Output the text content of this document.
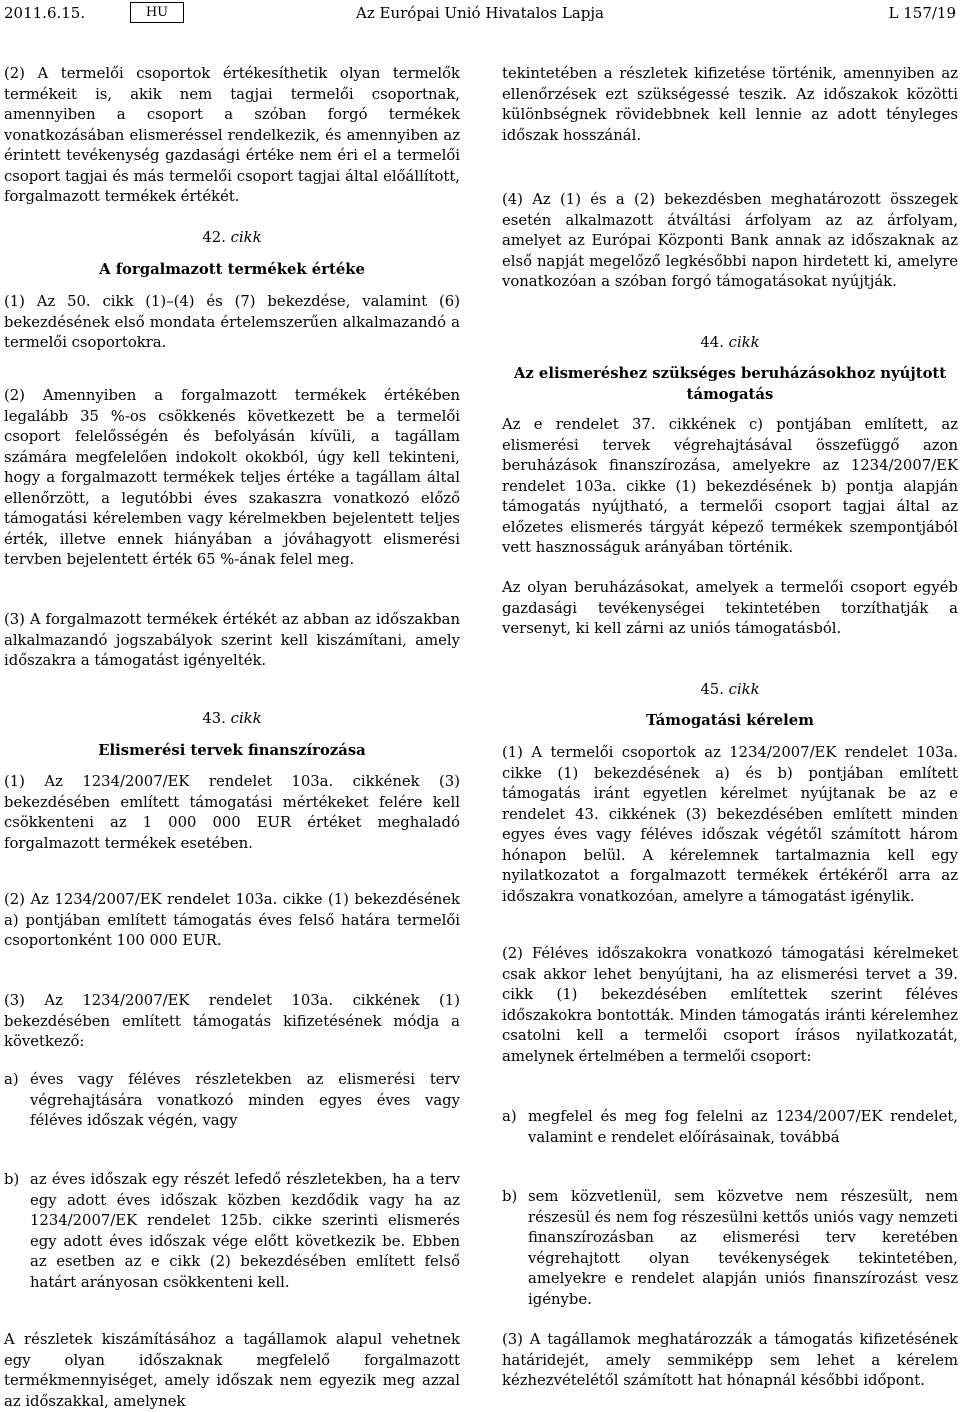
2011.6.15.	Az Európai Unió Hivatalos Lapja
HU	L 157/19
(2) A termelői csoportok értékesíthetik olyan termelők termékeit is, akik nem tagjai termelői csoportnak, amennyiben a csoport a szóban forgó termékek vonatkozásában elismeréssel rendelkezik, és amennyiben az érintett tevékenység gazdasági értéke nem éri el a termelői csoport tagjai és más termelői csoport tagjai által előállított, forgalmazott termékek értékét.
42. cikk
A forgalmazott termékek értéke
(1) Az 50. cikk (1)–(4) és (7) bekezdése, valamint (6) bekezdésének első mondata értelemszerűen alkalmazandó a termelői csoportokra.
(2) Amennyiben a forgalmazott termékek értékében legalább 35 %-os csökkenés következett be a termelői csoport felelősségén és befolyásán kívüli, a tagállam számára megfelelően indokolt okokból, úgy kell tekinteni, hogy a forgalmazott termékek teljes értéke a tagállam által ellenőrzött, a legutóbbi éves szakaszra vonatkozó előző támogatási kérelemben vagy kérelmekben bejelentett teljes érték, illetve ennek hiányában a jóváhagyott elismerési tervben bejelentett érték 65 %-ának felel meg.
(3) A forgalmazott termékek értékét az abban az időszakban alkalmazandó jogszabályok szerint kell kiszámítani, amely időszakra a támogatást igényelték.
43. cikk
Elismerési tervek finanszírozása
(1) Az 1234/2007/EK rendelet 103a. cikkének (3) bekezdésében említett támogatási mértékeket felére kell csökkenteni az 1 000 000 EUR értéket meghaladó forgalmazott termékek esetében.
(2) Az 1234/2007/EK rendelet 103a. cikke (1) bekezdésének a) pontjában említett támogatás éves felső határa termelői csoportonként 100 000 EUR.
(3) Az 1234/2007/EK rendelet 103a. cikkének (1) bekezdésében említett támogatás kifizetésének módja a következő:
a) éves vagy féléves részletekben az elismerési terv végrehajtására vonatkozó minden egyes éves vagy féléves időszak végén, vagy
b) az éves időszak egy részét lefedő részletekben, ha a terv egy adott éves időszak közben kezdődik vagy ha az 1234/2007/EK rendelet 125b. cikke szerinti elismerés egy adott éves időszak vége előtt következik be. Ebben az esetben az e cikk (2) bekezdésében említett felső határt arányosan csökkenteni kell.
A részletek kiszámításához a tagállamok alapul vehetnek egy olyan időszaknak megfelelő forgalmazott termékmennyiséget, amely időszak nem egyezik meg azzal az időszakkal, amelynek
tekintetében a részletek kifizetése történik, amennyiben az ellenőrzések ezt szükségessé teszik. Az időszakok közötti különbségnek rövidebbnek kell lennie az adott tényleges időszak hosszánál.
(4) Az (1) és a (2) bekezdésben meghatározott összegek esetén alkalmazott átváltási árfolyam az az árfolyam, amelyet az Európai Központi Bank annak az időszaknak az első napját megelőző legkésőbbi napon hirdetett ki, amelyre vonatkozóan a szóban forgó támogatásokat nyújtják.
44. cikk
Az elismeréshez szükséges beruházásokhoz nyújtott támogatás
Az e rendelet 37. cikkének c) pontjában említett, az elismerési tervek végrehajtásával összefüggő azon beruházások finanszírozása, amelyekre az 1234/2007/EK rendelet 103a. cikke (1) bekezdésének b) pontja alapján támogatás nyújtható, a termelői csoport tagjai által az előzetes elismerés tárgyát képező termékek szempontjából vett hasznosságuk arányában történik.
Az olyan beruházásokat, amelyek a termelői csoport egyéb gazdasági tevékenységei tekintetében torzíthatják a versenyt, ki kell zárni az uniós támogatásból.
45. cikk
Támogatási kérelem
(1) A termelői csoportok az 1234/2007/EK rendelet 103a. cikke (1) bekezdésének a) és b) pontjában említett támogatás iránt egyetlen kérelmet nyújtanak be az e rendelet 43. cikkének (3) bekezdésében említett minden egyes éves vagy féléves időszak végétől számított három hónapon belül. A kérelemnek tartalmaznia kell egy nyilatkozatot a forgalmazott termékek értékéről arra az időszakra vonatkozóan, amelyre a támogatást igénylik.
(2) Féléves időszakokra vonatkozó támogatási kérelmeket csak akkor lehet benyújtani, ha az elismerési tervet a 39. cikk (1) bekezdésében említettek szerint féléves időszakokra bontották. Minden támogatás iránti kérelemhez csatolni kell a termelői csoport írásos nyilatkozatát, amelynek értelmében a termelői csoport:
a) megfelel és meg fog felelni az 1234/2007/EK rendelet, valamint e rendelet előírásainak, továbbá
b) sem közvetlenül, sem közvetve nem részesült, nem részesül és nem fog részesülni kettős uniós vagy nemzeti finanszírozásban az elismerési terv keretében végrehajtott olyan tevékenységek tekintetében, amelyekre e rendelet alapján uniós finanszírozást vesz igénybe.
(3) A tagállamok meghatározzák a támogatás kifizetésének határidejét, amely semmiképp sem lehet a kérelem kézhezvételétől számított hat hónapnál későbbi időpont.
